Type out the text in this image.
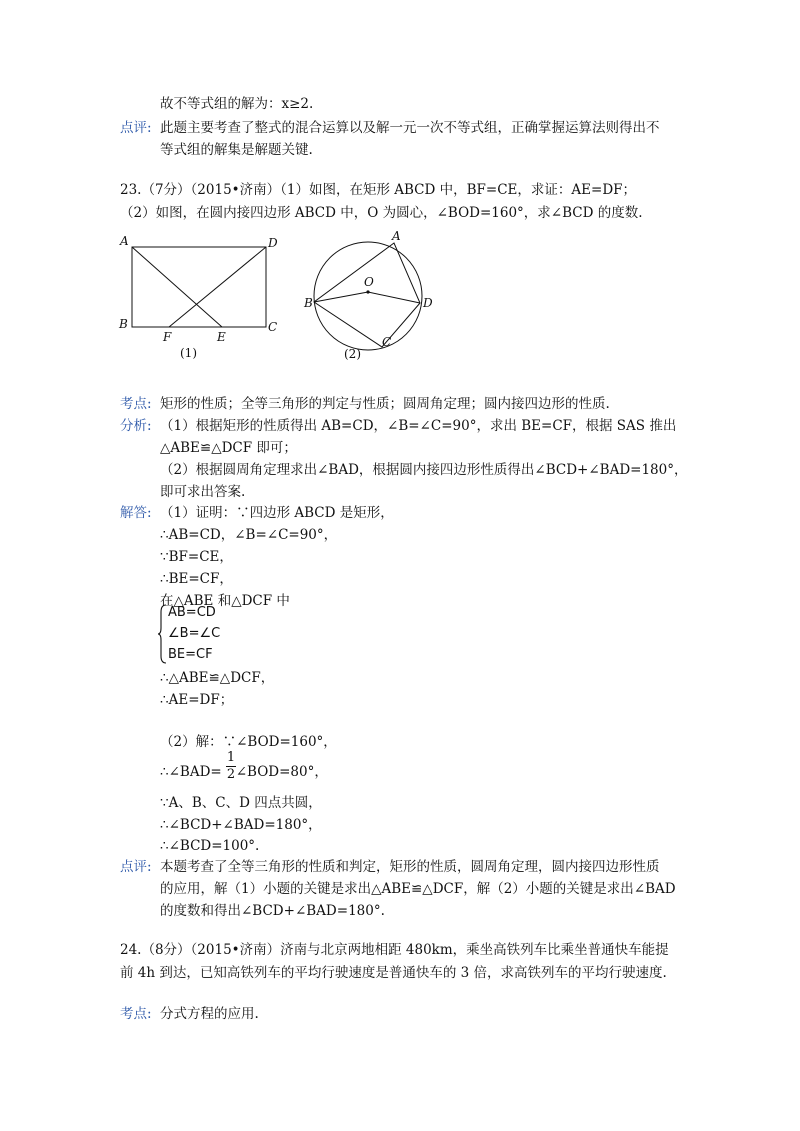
故不等式组的解为：x≥2.
点评: 此题主要考查了整式的混合运算以及解一元一次不等式组，正确掌握运算法则得出不
等式组的解集是解题关键.
23.（7分）（2015•济南）（1）如图，在矩形 ABCD 中，BF=CE，求证：AE=DF；
（2）如图，在圆内接四边形 ABCD 中，O 为圆心，∠BOD=160°，求∠BCD 的度数.
A	D
B
F	E
C
(1)
A
O
B	D
C
(2)
考点: 矩形的性质；全等三角形的判定与性质；圆周角定理；圆内接四边形的性质.
分析: （1）根据矩形的性质得出 AB=CD，∠B=∠C=90°，求出 BE=CF，根据 SAS 推出
△ABE≌△DCF 即可；
（2）根据圆周角定理求出∠BAD，根据圆内接四边形性质得出∠BCD+∠BAD=180°，
即可求出答案.
解答: （1）证明：∵四边形 ABCD 是矩形，
∴AB=CD，∠B=∠C=90°，
∵BF=CE，
∴BE=CF，
在△ABE 和△DCF 中
AB=CD
∠B=∠C
BE=CF
∴△ABE≌△DCF，
∴AE=DF；
（2）解：∵∠BOD=160°，
∴∠BAD= ∠BOD=80°，
1
2
∵A、B、C、D 四点共圆，
∴∠BCD+∠BAD=180°，
∴∠BCD=100°.
点评: 本题考查了全等三角形的性质和判定，矩形的性质，圆周角定理，圆内接四边形性质
的应用，解（1）小题的关键是求出△ABE≌△DCF，解（2）小题的关键是求出∠BAD
的度数和得出∠BCD+∠BAD=180°.
24.（8分）（2015•济南）济南与北京两地相距 480km，乘坐高铁列车比乘坐普通快车能提
前 4h 到达，已知高铁列车的平均行驶速度是普通快车的 3 倍，求高铁列车的平均行驶速度.
考点: 分式方程的应用.
